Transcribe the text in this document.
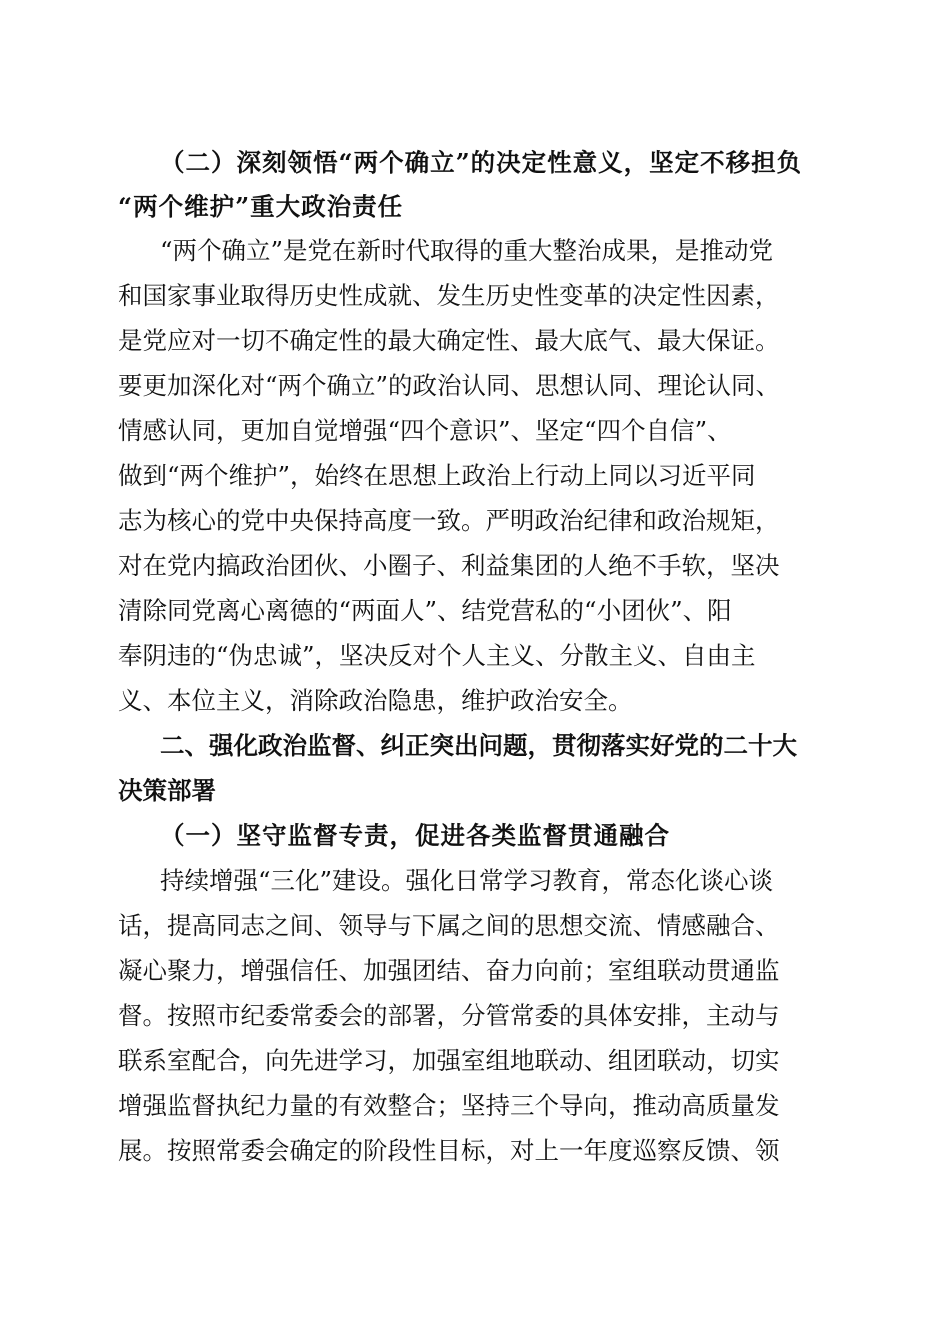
（二）深刻领悟“两个确立”的决定性意义，坚定不移担负
“两个维护”重大政治责任
“两个确立”是党在新时代取得的重大整治成果，是推动党
和国家事业取得历史性成就、发生历史性变革的决定性因素，
是党应对一切不确定性的最大确定性、最大底气、最大保证。
要更加深化对“两个确立”的政治认同、思想认同、理论认同、
情感认同，更加自觉增强“四个意识”、坚定“四个自信”、
做到“两个维护”，始终在思想上政治上行动上同以习近平同
志为核心的党中央保持高度一致。严明政治纪律和政治规矩，
对在党内搞政治团伙、小圈子、利益集团的人绝不手软，坚决
清除同党离心离德的“两面人”、结党营私的“小团伙”、阳
奉阴违的“伪忠诚”，坚决反对个人主义、分散主义、自由主
义、本位主义，消除政治隐患，维护政治安全。
二、强化政治监督、纠正突出问题，贯彻落实好党的二十大
决策部署
（一）坚守监督专责，促进各类监督贯通融合
持续增强“三化”建设。强化日常学习教育，常态化谈心谈
话，提高同志之间、领导与下属之间的思想交流、情感融合、
凝心聚力，增强信任、加强团结、奋力向前；室组联动贯通监
督。按照市纪委常委会的部署，分管常委的具体安排，主动与
联系室配合，向先进学习，加强室组地联动、组团联动，切实
增强监督执纪力量的有效整合；坚持三个导向，推动高质量发
展。按照常委会确定的阶段性目标，对上一年度巡察反馈、领
